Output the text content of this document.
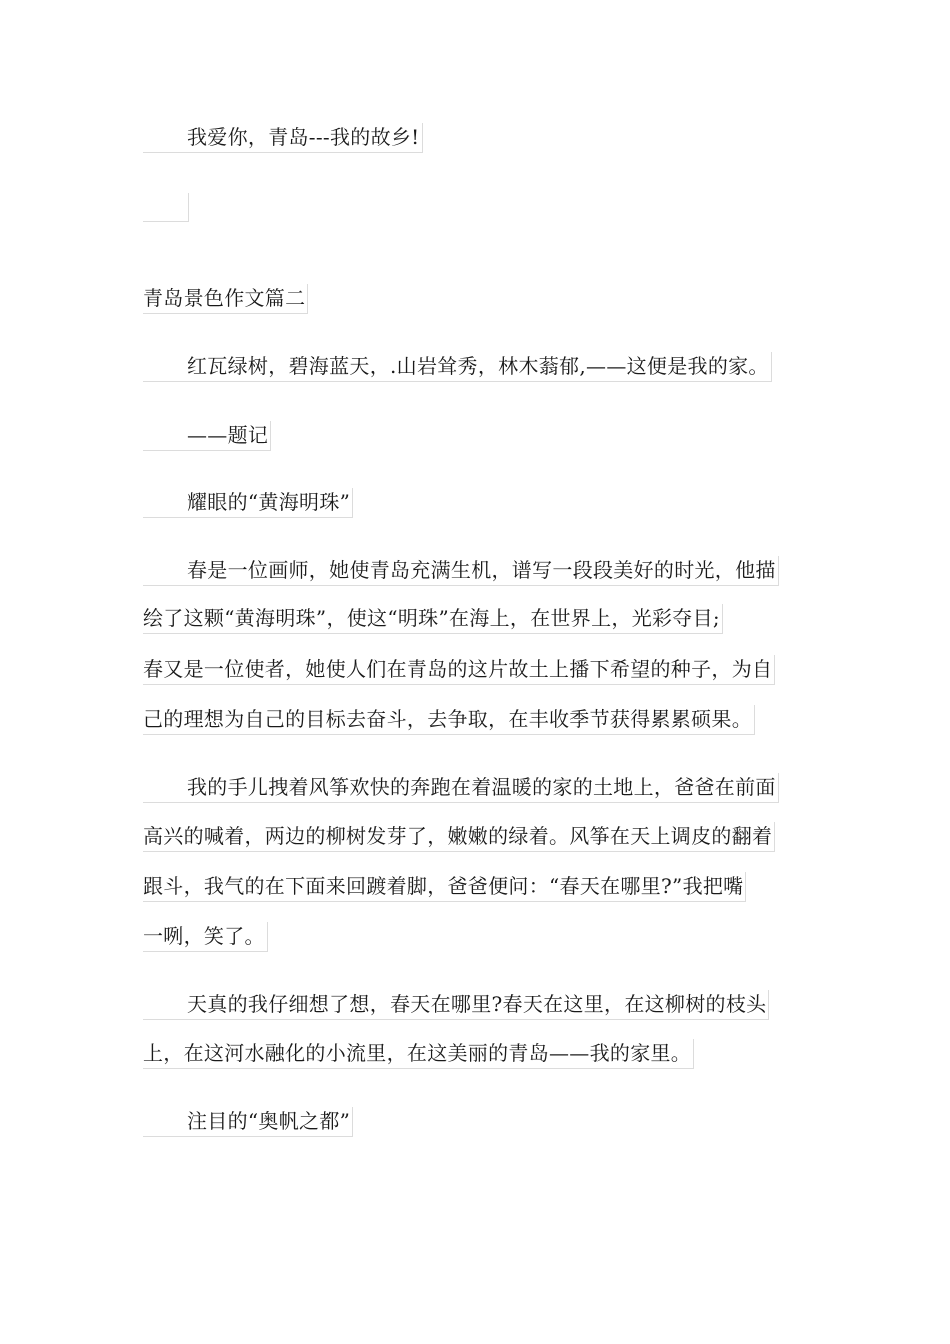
我爱你，青岛---我的故乡!
青岛景色作文篇二
红瓦绿树，碧海蓝天，.山岩耸秀，林木蓊郁,——这便是我的家。
——题记
耀眼的“黄海明珠”
春是一位画师，她使青岛充满生机，谱写一段段美好的时光，他描
绘了这颗“黄海明珠”，使这“明珠”在海上，在世界上，光彩夺目;
春又是一位使者，她使人们在青岛的这片故土上播下希望的种子，为自
己的理想为自己的目标去奋斗，去争取，在丰收季节获得累累硕果。
我的手儿拽着风筝欢快的奔跑在着温暖的家的土地上，爸爸在前面
高兴的喊着，两边的柳树发芽了，嫩嫩的绿着。风筝在天上调皮的翻着
跟斗，我气的在下面来回踱着脚，爸爸便问：“春天在哪里?”我把嘴
一咧，笑了。
天真的我仔细想了想，春天在哪里?春天在这里，在这柳树的枝头
上，在这河水融化的小流里，在这美丽的青岛——我的家里。
注目的“奥帆之都”
